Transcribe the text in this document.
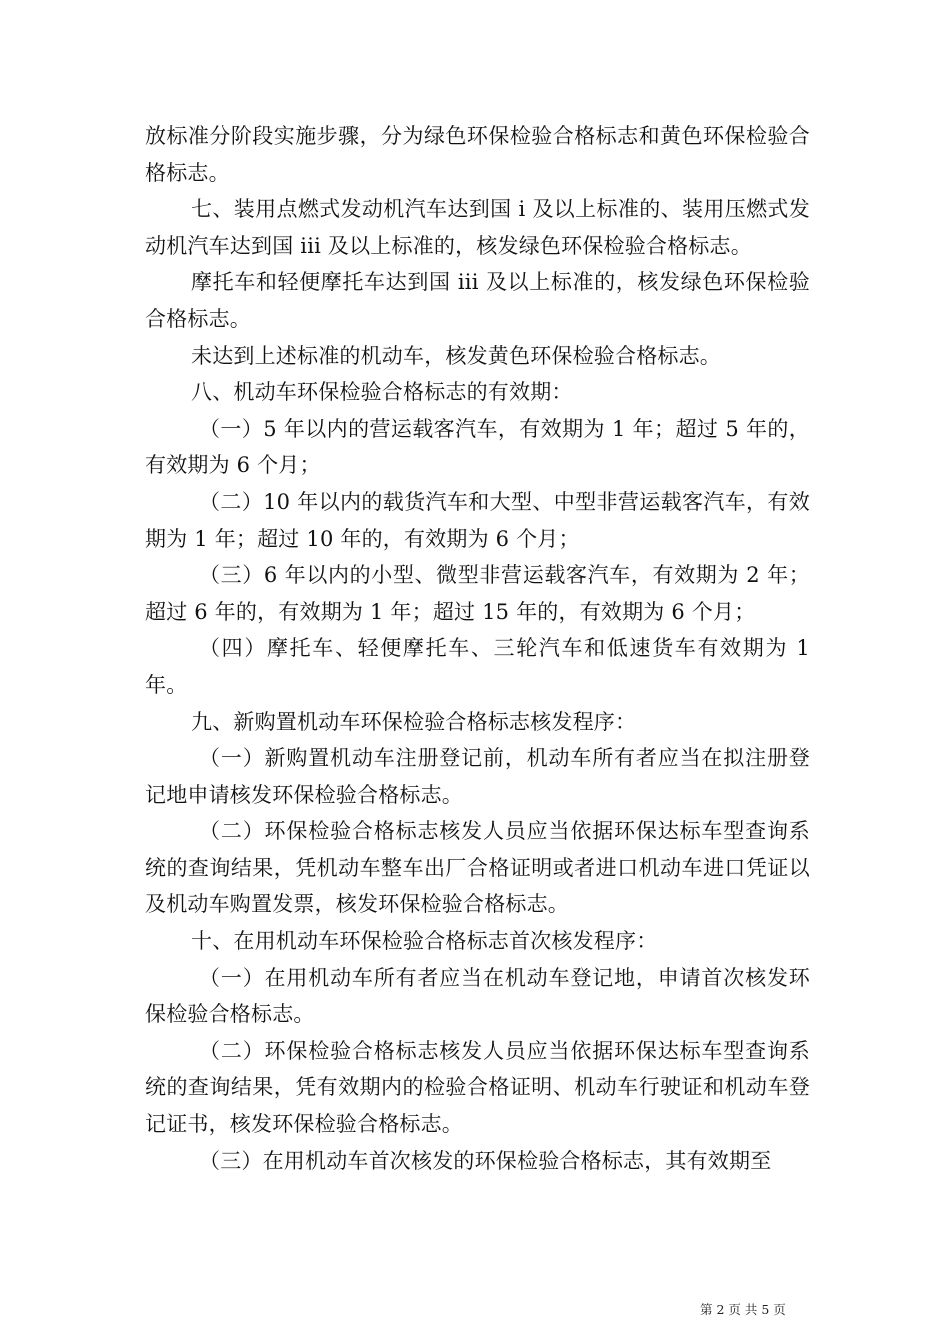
放标准分阶段实施步骤，分为绿色环保检验合格标志和黄色环保检验合格标志。

七、装用点燃式发动机汽车达到国 i 及以上标准的、装用压燃式发动机汽车达到国 iii 及以上标准的，核发绿色环保检验合格标志。

摩托车和轻便摩托车达到国 iii 及以上标准的，核发绿色环保检验合格标志。

未达到上述标准的机动车，核发黄色环保检验合格标志。

八、机动车环保检验合格标志的有效期：

（一）5 年以内的营运载客汽车，有效期为 1 年；超过 5 年的，有效期为 6 个月；

（二）10 年以内的载货汽车和大型、中型非营运载客汽车，有效期为 1 年；超过 10 年的，有效期为 6 个月；

（三）6 年以内的小型、微型非营运载客汽车，有效期为 2 年；超过 6 年的，有效期为 1 年；超过 15 年的，有效期为 6 个月；

（四）摩托车、轻便摩托车、三轮汽车和低速货车有效期为 1 年。

九、新购置机动车环保检验合格标志核发程序：

（一）新购置机动车注册登记前，机动车所有者应当在拟注册登记地申请核发环保检验合格标志。

（二）环保检验合格标志核发人员应当依据环保达标车型查询系统的查询结果，凭机动车整车出厂合格证明或者进口机动车进口凭证以及机动车购置发票，核发环保检验合格标志。

十、在用机动车环保检验合格标志首次核发程序：

（一）在用机动车所有者应当在机动车登记地，申请首次核发环保检验合格标志。

（二）环保检验合格标志核发人员应当依据环保达标车型查询系统的查询结果，凭有效期内的检验合格证明、机动车行驶证和机动车登记证书，核发环保检验合格标志。

（三）在用机动车首次核发的环保检验合格标志，其有效期至

第 2 页 共 5 页
